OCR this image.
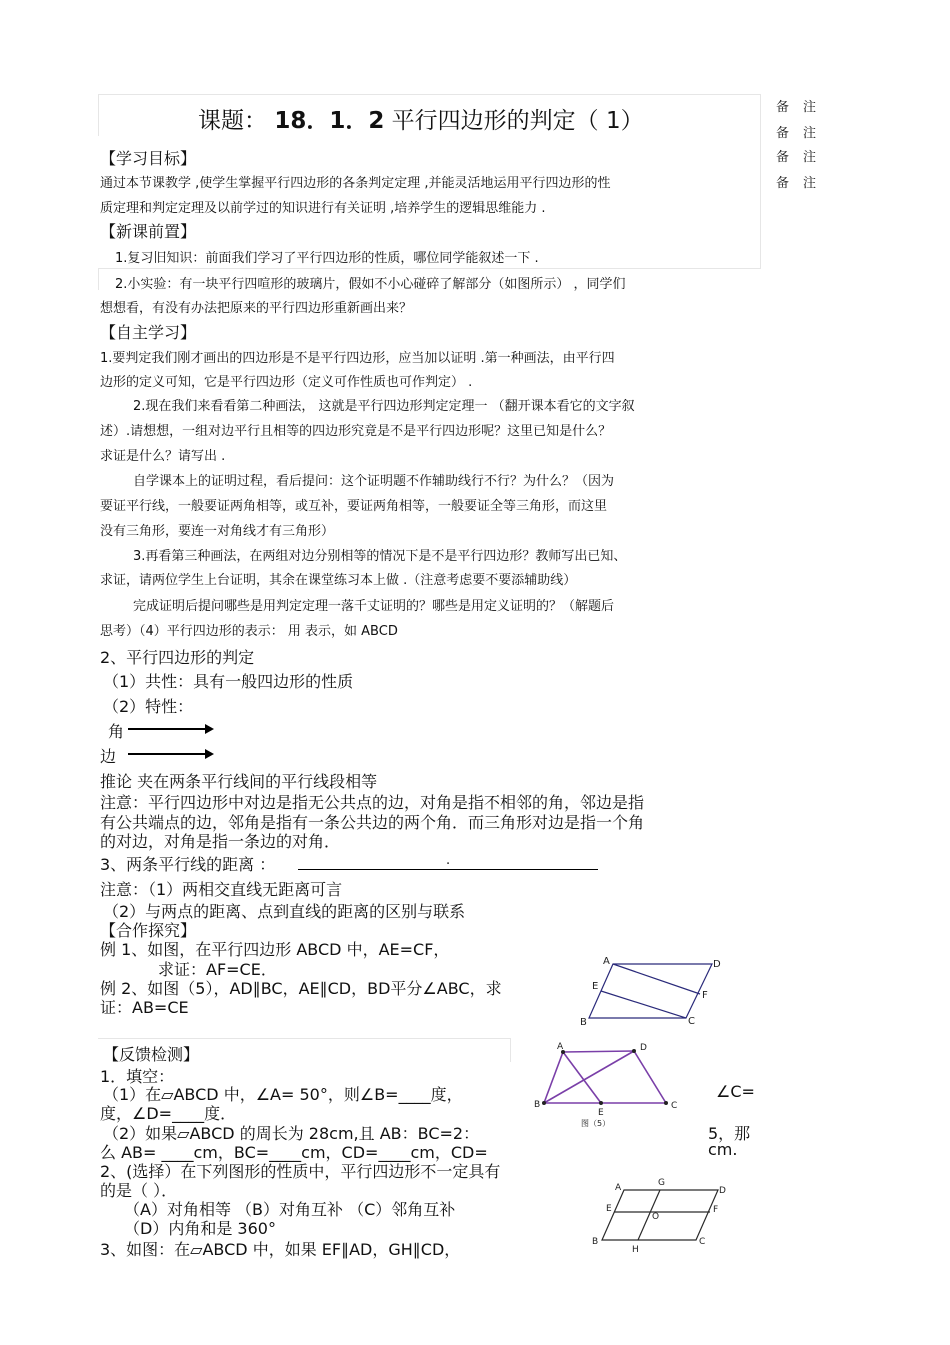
课题： 18．1．2 平行四边形的判定（ 1）
备注
备注
备注
备注
【学习目标】
通过本节课教学 ,使学生掌握平行四边形的各条判定定理 ,并能灵活地运用平行四边形的性
质定理和判定定理及以前学过的知识进行有关证明 ,培养学生的逻辑思维能力 .
【新课前置】
1.复习旧知识：前面我们学习了平行四边形的性质，哪位同学能叙述一下 .
2.小实验：有一块平行四喧形的玻璃片，假如不小心碰碎了解部分（如图所示） ，同学们
想想看，有没有办法把原来的平行四边形重新画出来？
【自主学习】
1.要判定我们刚才画出的四边形是不是平行四边形，应当加以证明 .第一种画法，由平行四
边形的定义可知，它是平行四边形（定义可作性质也可作判定） .
2.现在我们来看看第二种画法， 这就是平行四边形判定定理一 （翻开课本看它的文字叙
述）.请想想，一组对边平行且相等的四边形究竟是不是平行四边形呢？这里已知是什么？
求证是什么？请写出 .
自学课本上的证明过程，看后提问：这个证明题不作辅助线行不行？为什么？（因为
要证平行线，一般要证两角相等，或互补，要证两角相等，一般要证全等三角形，而这里
没有三角形，要连一对角线才有三角形）
3.再看第三种画法，在两组对边分别相等的情况下是不是平行四边形？教师写出已知、
求证，请两位学生上台证明，其余在课堂练习本上做 .（注意考虑要不要添辅助线）
完成证明后提问哪些是用判定定理一落千丈证明的？哪些是用定义证明的？（解题后
思考）（4）平行四边形的表示： 用 表示，如 ABCD
2、平行四边形的判定
（1）共性：具有一般四边形的性质
（2）特性：
角
边
推论 夹在两条平行线间的平行线段相等
注意：平行四边形中对边是指无公共点的边，对角是指不相邻的角，邻边是指
有公共端点的边，邻角是指有一条公共边的两个角．而三角形对边是指一个角
的对边，对角是指一条边的对角．
3、两条平行线的距离 ：	.
注意：（1）两相交直线无距离可言
（2）与两点的距离、点到直线的距离的区别与联系
【合作探究】
例 1、如图，在平行四边形 ABCD 中，AE=CF，
求证：AF=CE．
例 2、如图（5），AD∥BC，AE∥CD，BD平分∠ABC，求
证：AB=CE
【反馈检测】
1．填空：
（1）在▱ABCD 中，∠A= 50°，则∠B=____度，	∠C=
度，∠D=____度．
（2）如果▱ABCD 的周长为 28cm,且 AB：BC=2：	5，那
么 AB= ____cm，BC=____cm，CD=____cm，CD=	cm.
2、(选择）在下列图形的性质中，平行四边形不一定具有
的是（ ）．
（A）对角相等 （B）对角互补 （C）邻角互补
（D）内角和是 360°
3、如图：在▱ABCD 中，如果 EF∥AD，GH∥CD，
A	D
E
F
B	C
A	D
B
E
C
图（5）
A	G
D
E
O
F
B
H
C
